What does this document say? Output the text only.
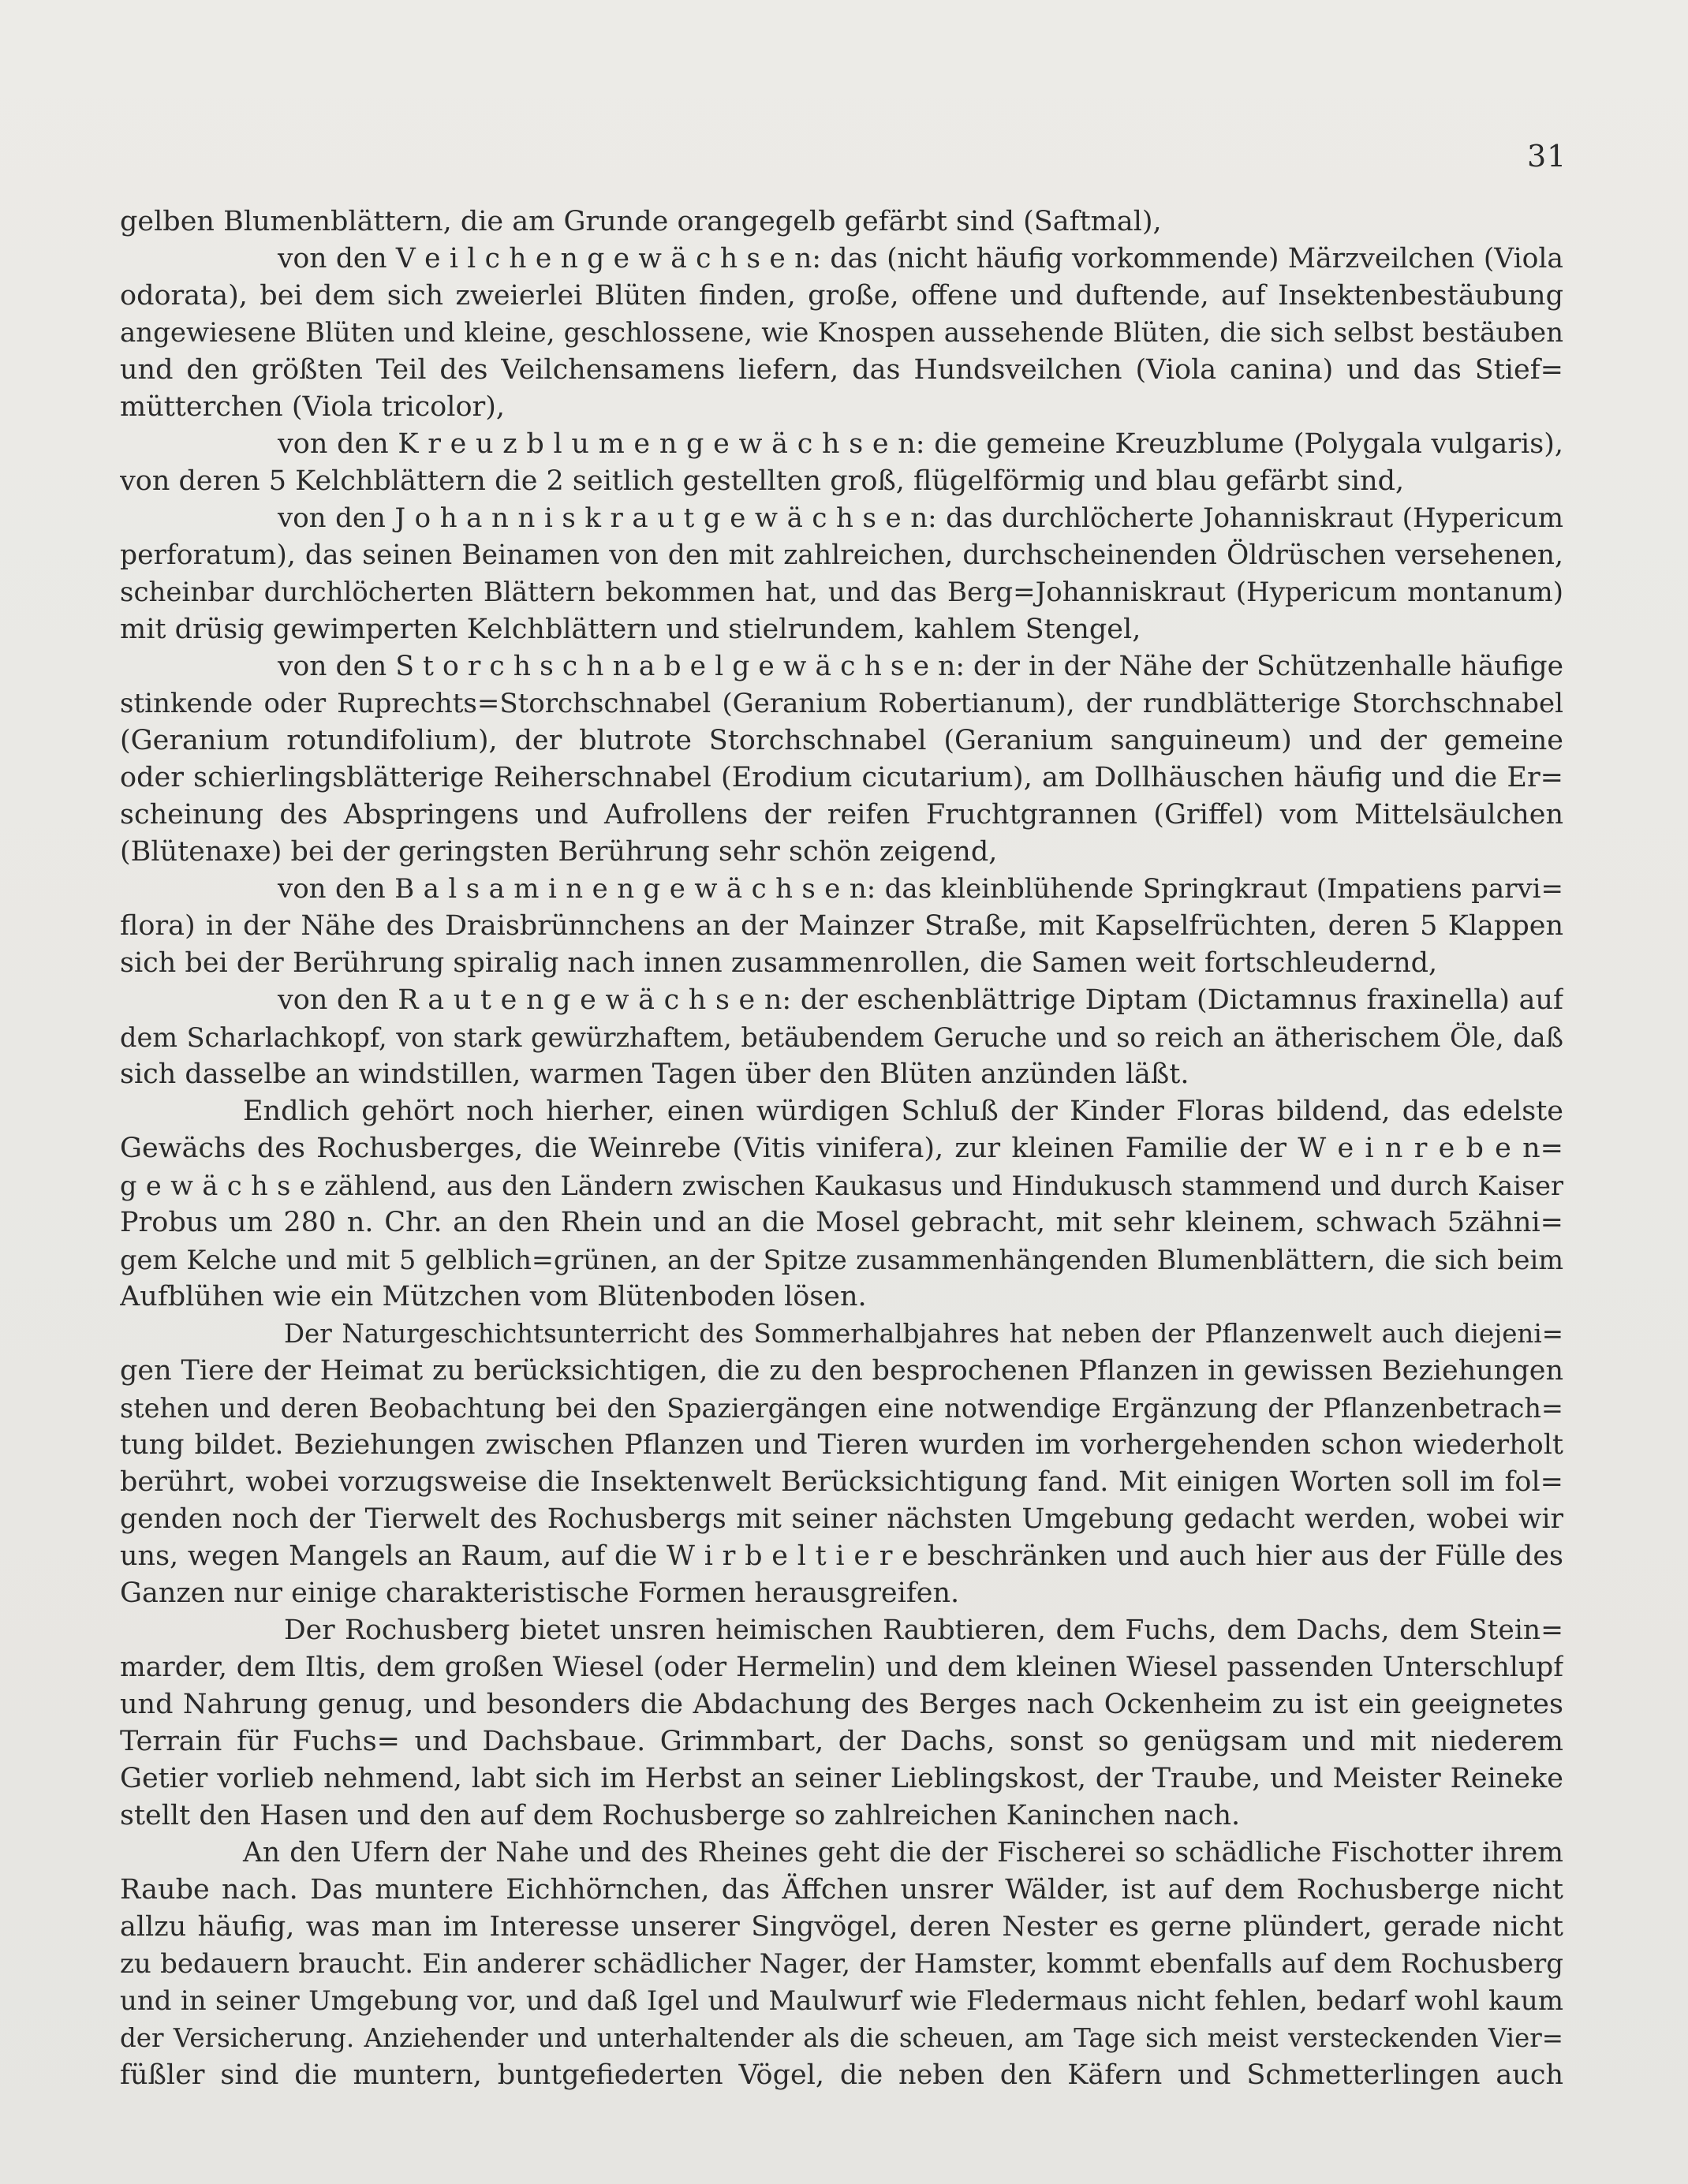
31
gelben Blumenblättern, die am Grunde orangegelb gefärbt sind (Saftmal),
von den V e i l c h e n g e w ä c h s e n: das (nicht häufig vorkommende) Märzveilchen (Viola
odorata), bei dem sich zweierlei Blüten finden, große, offene und duftende, auf Insektenbestäubung
angewiesene Blüten und kleine, geschlossene, wie Knospen aussehende Blüten, die sich selbst bestäuben
und den größten Teil des Veilchensamens liefern, das Hundsveilchen (Viola canina) und das Stief=
mütterchen (Viola tricolor),
von den K r e u z b l u m e n g e w ä c h s e n: die gemeine Kreuzblume (Polygala vulgaris),
von deren 5 Kelchblättern die 2 seitlich gestellten groß, flügelförmig und blau gefärbt sind,
von den J o h a n n i s k r a u t g e w ä c h s e n: das durchlöcherte Johanniskraut (Hypericum
perforatum), das seinen Beinamen von den mit zahlreichen, durchscheinenden Öldrüschen versehenen,
scheinbar durchlöcherten Blättern bekommen hat, und das Berg=Johanniskraut (Hypericum montanum)
mit drüsig gewimperten Kelchblättern und stielrundem, kahlem Stengel,
von den S t o r c h s c h n a b e l g e w ä c h s e n: der in der Nähe der Schützenhalle häufige
stinkende oder Ruprechts=Storchschnabel (Geranium Robertianum), der rundblätterige Storchschnabel
(Geranium rotundifolium), der blutrote Storchschnabel (Geranium sanguineum) und der gemeine
oder schierlingsblätterige Reiherschnabel (Erodium cicutarium), am Dollhäuschen häufig und die Er=
scheinung des Abspringens und Aufrollens der reifen Fruchtgrannen (Griffel) vom Mittelsäulchen
(Blütenaxe) bei der geringsten Berührung sehr schön zeigend,
von den B a l s a m i n e n g e w ä c h s e n: das kleinblühende Springkraut (Impatiens parvi=
flora) in der Nähe des Draisbrünnchens an der Mainzer Straße, mit Kapselfrüchten, deren 5 Klappen
sich bei der Berührung spiralig nach innen zusammenrollen, die Samen weit fortschleudernd,
von den R a u t e n g e w ä c h s e n: der eschenblättrige Diptam (Dictamnus fraxinella) auf
dem Scharlachkopf, von stark gewürzhaftem, betäubendem Geruche und so reich an ätherischem Öle, daß
sich dasselbe an windstillen, warmen Tagen über den Blüten anzünden läßt.
Endlich gehört noch hierher, einen würdigen Schluß der Kinder Floras bildend, das edelste
Gewächs des Rochusberges, die Weinrebe (Vitis vinifera), zur kleinen Familie der W e i n r e b e n=
g e w ä c h s e zählend, aus den Ländern zwischen Kaukasus und Hindukusch stammend und durch Kaiser
Probus um 280 n. Chr. an den Rhein und an die Mosel gebracht, mit sehr kleinem, schwach 5zähni=
gem Kelche und mit 5 gelblich=grünen, an der Spitze zusammenhängenden Blumenblättern, die sich beim
Aufblühen wie ein Mützchen vom Blütenboden lösen.
Der Naturgeschichtsunterricht des Sommerhalbjahres hat neben der Pflanzenwelt auch diejeni=
gen Tiere der Heimat zu berücksichtigen, die zu den besprochenen Pflanzen in gewissen Beziehungen
stehen und deren Beobachtung bei den Spaziergängen eine notwendige Ergänzung der Pflanzenbetrach=
tung bildet. Beziehungen zwischen Pflanzen und Tieren wurden im vorhergehenden schon wiederholt
berührt, wobei vorzugsweise die Insektenwelt Berücksichtigung fand. Mit einigen Worten soll im fol=
genden noch der Tierwelt des Rochusbergs mit seiner nächsten Umgebung gedacht werden, wobei wir
uns, wegen Mangels an Raum, auf die W i r b e l t i e r e beschränken und auch hier aus der Fülle des
Ganzen nur einige charakteristische Formen herausgreifen.
Der Rochusberg bietet unsren heimischen Raubtieren, dem Fuchs, dem Dachs, dem Stein=
marder, dem Iltis, dem großen Wiesel (oder Hermelin) und dem kleinen Wiesel passenden Unterschlupf
und Nahrung genug, und besonders die Abdachung des Berges nach Ockenheim zu ist ein geeignetes
Terrain für Fuchs= und Dachsbaue. Grimmbart, der Dachs, sonst so genügsam und mit niederem
Getier vorlieb nehmend, labt sich im Herbst an seiner Lieblingskost, der Traube, und Meister Reineke
stellt den Hasen und den auf dem Rochusberge so zahlreichen Kaninchen nach.
An den Ufern der Nahe und des Rheines geht die der Fischerei so schädliche Fischotter ihrem
Raube nach. Das muntere Eichhörnchen, das Äffchen unsrer Wälder, ist auf dem Rochusberge nicht
allzu häufig, was man im Interesse unserer Singvögel, deren Nester es gerne plündert, gerade nicht
zu bedauern braucht. Ein anderer schädlicher Nager, der Hamster, kommt ebenfalls auf dem Rochusberg
und in seiner Umgebung vor, und daß Igel und Maulwurf wie Fledermaus nicht fehlen, bedarf wohl kaum
der Versicherung. Anziehender und unterhaltender als die scheuen, am Tage sich meist versteckenden Vier=
füßler sind die muntern, buntgefiederten Vögel, die neben den Käfern und Schmetterlingen auch
